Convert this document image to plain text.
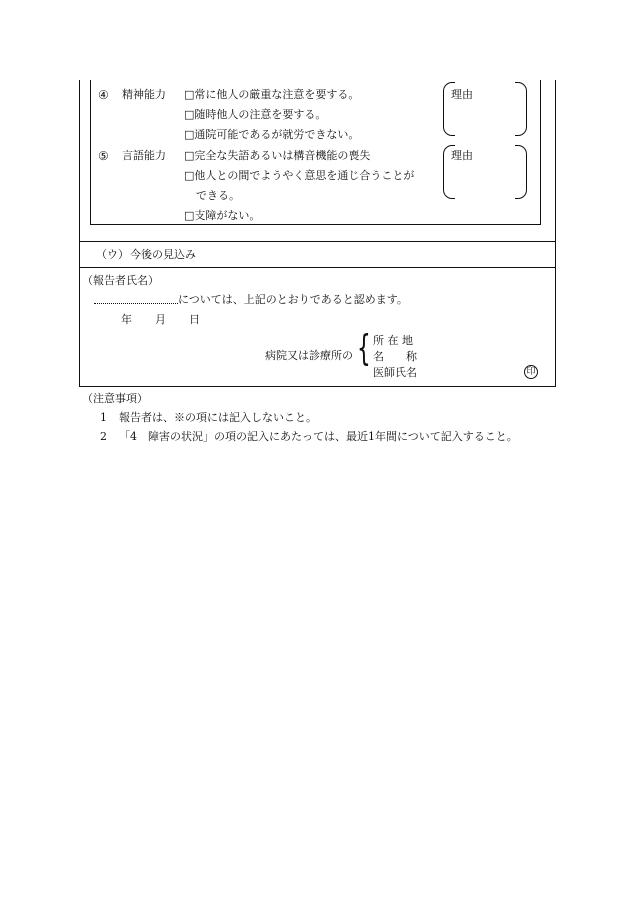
④ 精神能力 □常に他人の厳重な注意を要する。
□随時他人の注意を要する。
□通院可能であるが就労できない。
理由
⑤ 言語能力 □完全な失語あるいは構音機能の喪失
□他人との間でようやく意思を通じ合うことが
できる。
□支障がない。
理由
（ウ） 今後の見込み
（報告者氏名）
については、上記のとおりであると認めます。
年 月 日
病院又は診療所の { 所 在 地
名　　称
医師氏名	印
（注意事項）
1 報告者は、※の項には記入しないこと。
2 「4　障害の状況」の項の記入にあたっては、最近1年間について記入すること。
